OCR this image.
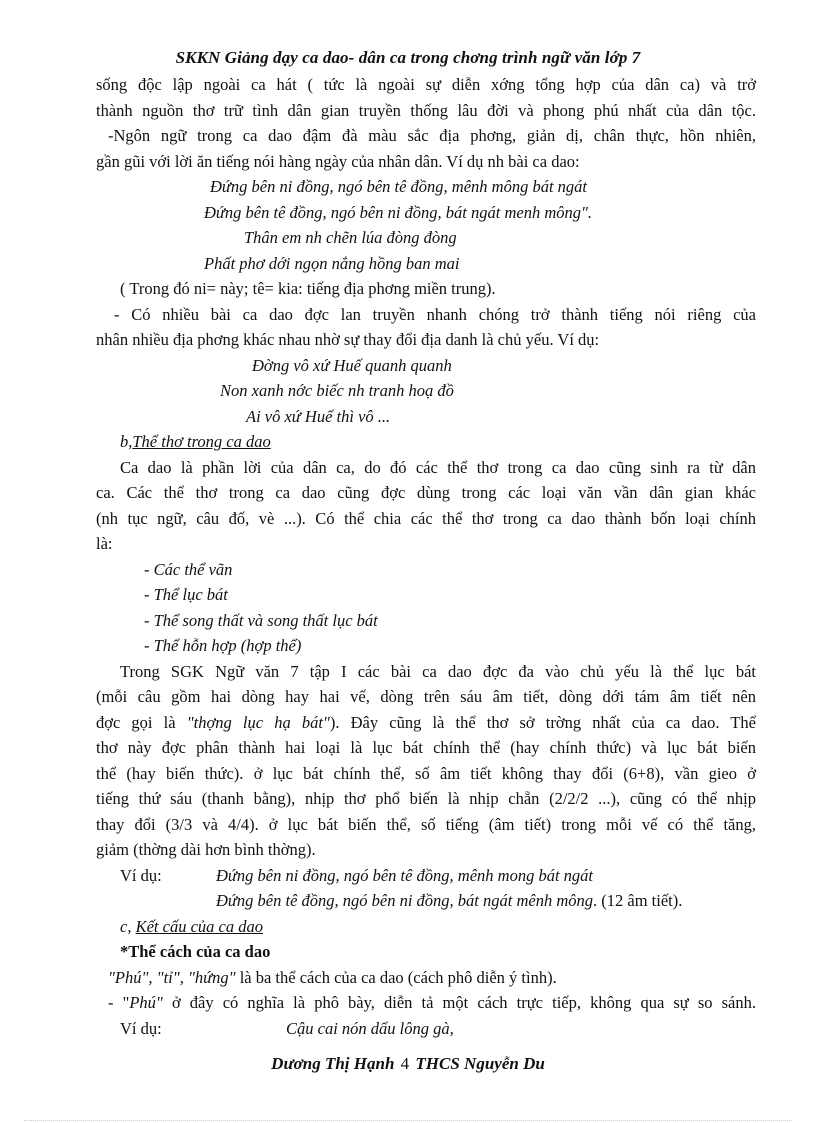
SKKN Giảng dạy ca dao- dân ca trong chơng trình ngữ văn lớp 7
sống độc lập ngoài ca hát ( tức là ngoài sự diễn xớng tổng hợp của dân ca) và trở
thành nguồn thơ trữ tình dân gian truyền thống lâu đời và phong phú nhất của dân tộc.
-Ngôn ngữ trong ca dao đậm đà màu sắc địa phơng, giản dị, chân thực, hồn nhiên,
gần gũi với lời ăn tiếng nói hàng ngày của nhân dân. Ví dụ nh bài ca dao:
Đứng bên ni đồng, ngó bên tê đồng, mênh mông bát ngát
Đứng bên tê đồng, ngó bên ni đồng, bát ngát menh mông".
Thân em nh chẽn lúa đòng đòng
Phất phơ dới ngọn nắng hồng ban mai
( Trong đó ni= này; tê= kia: tiếng địa phơng miền trung).
- Có nhiều bài ca dao đợc lan truyền nhanh chóng trở thành tiếng nói riêng của
nhân nhiều địa phơng khác nhau nhờ sự thay đổi địa danh là chủ yếu. Ví dụ:
Đờng vô xứ Huế quanh quanh
Non xanh nớc biếc nh tranh hoạ đồ
Ai vô xứ Huế thì vô ...
b,Thể thơ trong ca dao
Ca dao là phần lời của dân ca, do đó các thể thơ trong ca dao cũng sinh ra từ dân
ca. Các thể thơ trong ca dao cũng đợc dùng trong các loại văn vần dân gian khác
(nh tục ngữ, câu đố, vè ...). Có thể chia các thể thơ trong ca dao thành bốn loại chính
là:
- Các thể vãn
- Thể lục bát
- Thể song thất và song thất lục bát
- Thể hỗn hợp (hợp thể)
Trong SGK Ngữ văn 7 tập I các bài ca dao đợc đa vào chủ yếu là thể lục bát
(mỗi câu gồm hai dòng hay hai vế, dòng trên sáu âm tiết, dòng dới tám âm tiết nên
đợc gọi là "thợng lục hạ bát"). Đây cũng là thể thơ sở trờng nhất của ca dao. Thể
thơ này đợc phân thành hai loại là lục bát chính thể (hay chính thức) và lục bát biến
thể (hay biến thức). ở lục bát chính thể, số âm tiết không thay đổi (6+8), vần gieo ở
tiếng thứ sáu (thanh bằng), nhịp thơ phổ biến là nhịp chẵn (2/2/2 ...), cũng có thể nhịp
thay đổi (3/3 và 4/4). ở lục bát biến thể, số tiếng (âm tiết) trong mỗi vế có thể tăng,
giảm (thờng dài hơn bình thờng).
Ví dụ:	Đứng bên ni đồng, ngó bên tê đồng, mênh mong bát ngát
Đứng bên tê đồng, ngó bên ni đồng, bát ngát mênh mông. (12 âm tiết).
c, Kết cấu của ca dao
*Thể cách của ca dao
"Phú", "tỉ", "hứng" là ba thể cách của ca dao (cách phô diễn ý tình).
- "Phú" ở đây có nghĩa là phô bày, diễn tả một cách trực tiếp, không qua sự so sánh.
Ví dụ:	Cậu cai nón dấu lông gà,
Dương Thị Hạnh 4 THCS Nguyễn Du
